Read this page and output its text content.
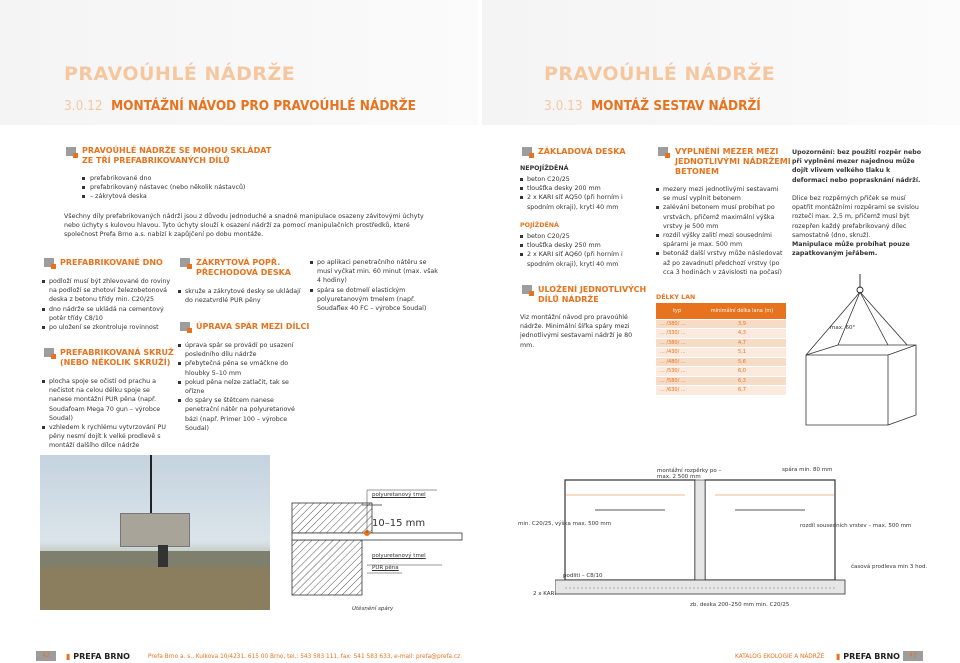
PRAVOÚHLÉ NÁDRŽE
3.0.12 MONTÁŽNÍ NÁVOD PRO PRAVOÚHLÉ NÁDRŽE
PRAVOÚHLÉ NÁDRŽE
3.0.13 MONTÁŽ SESTAV NÁDRŽÍ
PRAVOÚHLÉ NÁDRŽE SE MOHOU SKLÁDAT
ZE TŘÍ PREFABRIKOVANÝCH DÍLŮ
prefabrikované dno
prefabrikovaný nástavec (nebo několik nástavců)
– zákrytová deska
Všechny díly prefabrikovaných nádrží jsou z důvodu jednoduché a snadné manipulace osazeny závitovými úchyty nebo úchyty s kulovou hlavou. Tyto úchyty slouží k osazení nádrží za pomocí manipulačních prostředků, které společnost Prefa Brno a.s. nabízí k zapůjčení po dobu montáže.
PREFABRIKOVANÉ DNO
podloží musí být zhlevované do roviny na podloží se zhotoví železobetonová deska z betonu třídy min. C20/25
dno nádrže se ukládá na cementový potěr třídy C8/10
po uložení se zkontroluje rovinnost
PREFABRIKOVANÁ SKRUŽ
(NEBO NĚKOLIK SKRUŽÍ)
plocha spoje se očistí od prachu a nečistot na celou délku spoje se nanese montážní PUR pěna (např. Soudafoam Mega 70 gun – výrobce Soudal)
vzhledem k rychlému vytvrzování PU pěny nesmí dojít k velké prodlevě s montáží dalšího dílce nádrže
ZÁKRYTOVÁ POPŘ.
PŘECHODOVÁ DESKA
skruže a zákrytové desky se ukládají do nezatvrdlé PUR pěny
ÚPRAVA SPÁR MEZI DÍLCI
úprava spár se provádí po usazení posledního dílu nádrže
přebytečná pěna se vmáčkne do hloubky 5–10 mm
pokud pěna nelze zatlačit, tak se ořízne
do spáry se štětcem nanese penetrační nátěr na polyuretanové bázi (např. Primer 100 – výrobce Soudal)
po aplikaci penetračního nátěru se musí vyčkat min. 60 minut (max. však 4 hodiny)
spára se dotmelí elastickým polyuretanovým tmelem (např. Soudaflex 40 FC – výrobce Soudal)
polyuretanový tmel
10–15 mm
polyuretanový tmel
PUR pěna
Utěsnění spáry
ZÁKLADOVÁ DESKA
NEPOJÍŽDĚNÁ
beton C20/25
tloušťka desky 200 mm
2 x KARI síť AQ50 (při horním i spodním okraji), krytí 40 mm
POJÍŽDĚNÁ
beton C20/25
tloušťka desky 250 mm
2 x KARI síť AQ60 (při horním i spodním okraji), krytí 40 mm
ULOŽENÍ JEDNOTLIVÝCH
DÍLŮ NÁDRŽE
Viz montážní návod pro pravoúhlé nádrže. Minimální šířka spáry mezi jednotlivými sestavami nádrží je 80 mm.
VYPLNĚNÍ MEZER MEZI
JEDNOTLIVÝMI NÁDRŽEMI
BETONEM
mezery mezi jednotlivými sestavami se musí vyplnit betonem
zalévání betonem musí probíhat po vrstvách, přičemž maximální výška vrstvy je 500 mm
rozdíl výšky zalití mezi sousedními spárami je max. 500 mm
betonáž další vrstvy může následovat až po zavadnutí předchozí vrstvy (po cca 3 hodinách v závislosti na počasí)
DÉLKY LAN
typ	minimální délka lana (m)
... /380/ ...	3,9
... /330/ ...	4,3
... /380/ ...	4,7
... /430/ ...	5,1
... /480/ ...	5,6
... /530/ ...	6,0
... /580/ ...	6,3
... /630/ ...	6,7
Upozornění: bez použití rozpěr nebo při vyplnění mezer najednou může dojít vlivem velkého tlaku k deformaci nebo poprasknání nádrží.
Dlice bez rozpěrných příček se musí opatřit montážními rozpěrami se svislou roztečí max. 2,5 m, přičemž musí být rozepřen každý prefabrikovaný dílec samostatně (dno, skruž).
Manipulace může probíhat pouze zapatkovaným jeřábem.
max. 60°
montážní rozpěrky po – max. 2 500 mm
spára min. 80 mm
min. C20/25, výška max. 500 mm	rozdíl sousedních vrstev – max. 500 mm
podliti – C8/10
časová prodleva min 3 hod.
2 x KARI
zb. deska 200–250 mm min. C20/25
42	▮ PREFA BRNO	Prefa Brno a. s., Kulkova 10/4231, 615 00 Brno, tel.: 543 583 111, fax: 541 583 633, e-mail: prefa@prefa.cz	KATALOG EKOLOGIE A NÁDRŽE ▮ PREFA BRNO	43
